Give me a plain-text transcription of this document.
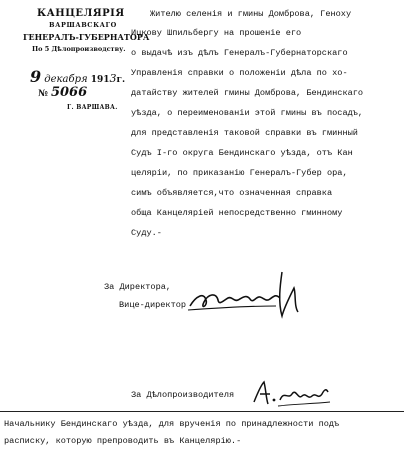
КАНЦЕЛЯРІЯ
ВАРШАВСКАГО
ГЕНЕРАЛЪ-ГУБЕРНАТОРА
По 5 Дѣлопроизводству.
9 декабря 1913г.
№ 5066
Г. ВАРШАВА.
Жителю селенія и гмины Домброва, Геноху
Ицкову Шпильбергу на прошеніе его
о выдачѣ изъ дѣлъ Генералъ-Губернаторскаго
Управленія справки о положеніи дѣла по хо-
датайству жителей гмины Домброва, Бендинскаго
уѣзда, о переименованіи этой гмины въ посадъ,
для представленія таковой справки въ гминный
Судъ I-го округа Бендинскаго уѣзда, отъ Кан
целяріи, по приказанію Генералъ-Губер ора,
симъ объявляется,что означенная справка
обща Канцеляріей непосредственно гминному
Суду.-
За Директора,
Вице-директор
За Дѣлопроизводителя
Начальнику Бендинскаго уѣзда, для врученія по принадлежности подъ
расписку, которую препроводить въ Канцелярію.-
